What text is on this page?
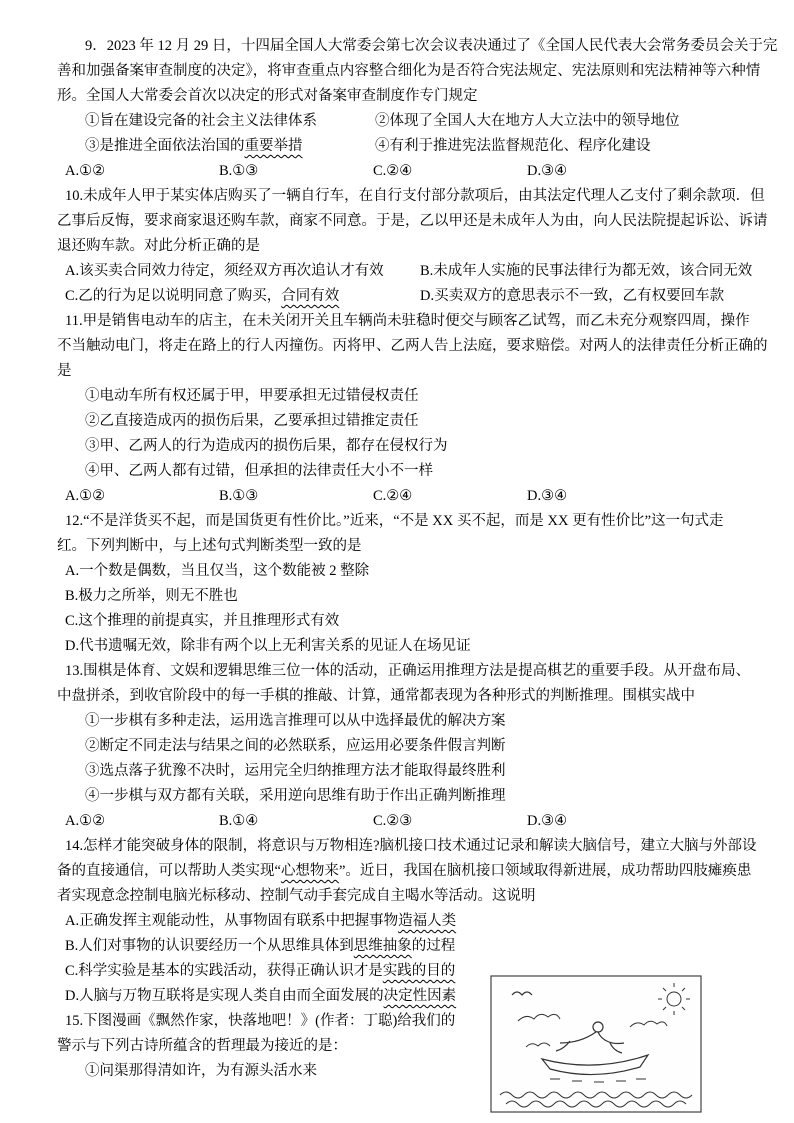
9．2023 年 12 月 29 日，十四届全国人大常委会第七次会议表决通过了《全国人民代表大会常务委员会关于完
善和加强备案审查制度的决定》，将审查重点内容整合细化为是否符合宪法规定、宪法原则和宪法精神等六种情
形。全国人大常委会首次以决定的形式对备案审查制度作专门规定
①旨在建设完备的社会主义法律体系	②体现了全国人大在地方人大立法中的领导地位
③是推进全面依法治国的重要举措	④有利于推进宪法监督规范化、程序化建设
A.①②	B.①③	C.②④	D.③④
10.未成年人甲于某实体店购买了一辆自行车，在自行支付部分款项后，由其法定代理人乙支付了剩余款项．但
乙事后反悔，要求商家退还购车款，商家不同意。于是，乙以甲还是未成年人为由，向人民法院提起诉讼、诉请
退还购车款。对此分析正确的是
A.该买卖合同效力待定，须经双方再次追认才有效	B.未成年人实施的民事法律行为都无效，该合同无效
C.乙的行为足以说明同意了购买，合同有效	D.买卖双方的意思表示不一致，乙有权要回车款
11.甲是销售电动车的店主，在未关闭开关且车辆尚未驻稳时便交与顾客乙试驾，而乙未充分观察四周，操作
不当触动电门，将走在路上的行人丙撞伤。丙将甲、乙两人告上法庭，要求赔偿。对两人的法律责任分析正确的
是
①电动车所有权还属于甲，甲要承担无过错侵权责任
②乙直接造成丙的损伤后果，乙要承担过错推定责任
③甲、乙两人的行为造成丙的损伤后果，都存在侵权行为
④甲、乙两人都有过错，但承担的法律责任大小不一样
A.①②	B.①③	C.②④	D.③④
12.“不是洋货买不起，而是国货更有性价比。”近来，“不是 XX 买不起，而是 XX 更有性价比”这一句式走
红。下列判断中，与上述句式判断类型一致的是
A.一个数是偶数，当且仅当，这个数能被 2 整除
B.极力之所举，则无不胜也
C.这个推理的前提真实，并且推理形式有效
D.代书遗嘱无效，除非有两个以上无利害关系的见证人在场见证
13.围棋是体育、文娱和逻辑思维三位一体的活动，正确运用推理方法是提高棋艺的重要手段。从开盘布局、
中盘拼杀，到收官阶段中的每一手棋的推敲、计算，通常都表现为各种形式的判断推理。围棋实战中
①一步棋有多种走法，运用选言推理可以从中选择最优的解决方案
②断定不同走法与结果之间的必然联系，应运用必要条件假言判断
③选点落子犹豫不决时，运用完全归纳推理方法才能取得最终胜利
④一步棋与双方都有关联，采用逆向思维有助于作出正确判断推理
A.①②	B.①④	C.②③	D.③④
14.怎样才能突破身体的限制，将意识与万物相连?脑机接口技术通过记录和解读大脑信号，建立大脑与外部设
备的直接通信，可以帮助人类实现“心想物来”。近日，我国在脑机接口领域取得新进展，成功帮助四肢瘫痪患
者实现意念控制电脑光标移动、控制气动手套完成自主喝水等活动。这说明
A.正确发挥主观能动性，从事物固有联系中把握事物造福人类
B.人们对事物的认识要经历一个从思维具体到思维抽象的过程
C.科学实验是基本的实践活动，获得正确认识才是实践的目的
D.人脑与万物互联将是实现人类自由而全面发展的决定性因素
15.下图漫画《飘然作家，快落地吧！》(作者：丁聪)给我们的
警示与下列古诗所蕴含的哲理最为接近的是：
①问渠那得清如许，为有源头活水来
